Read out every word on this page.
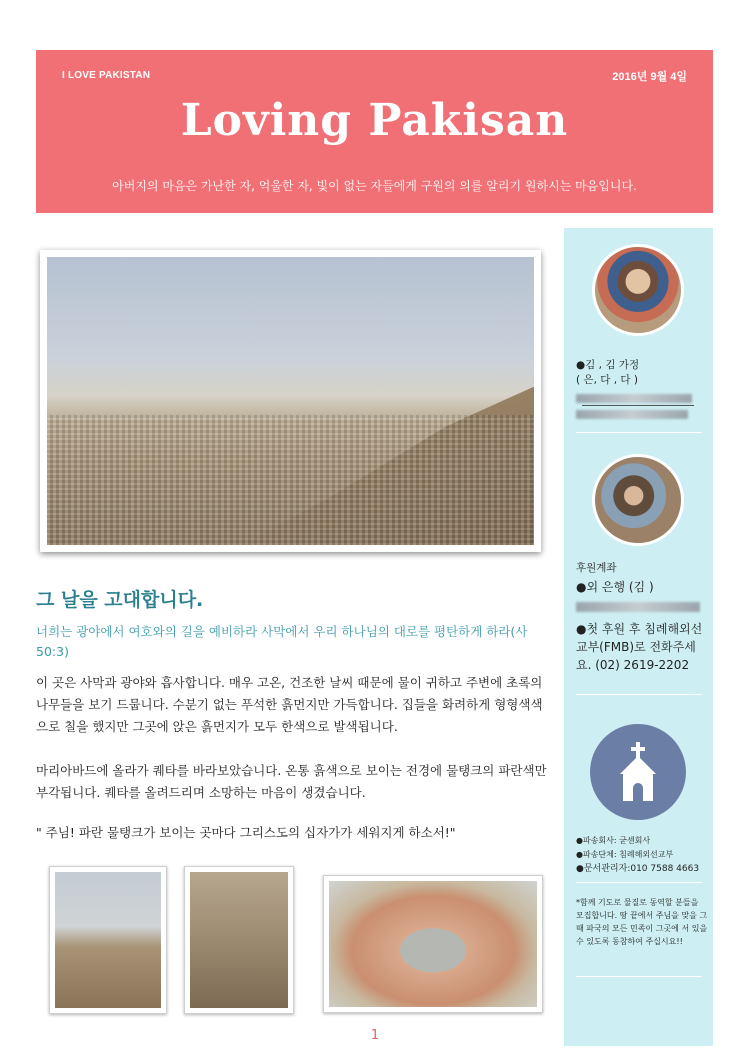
I LOVE PAKISTAN	2016년 9월 4일
Loving Pakisan
아버지의 마음은 가난한 자, 억울한 자, 빛이 없는 자들에게 구원의 의를 알리기 원하시는 마음입니다.
그 날을 고대합니다.
너희는 광야에서 여호와의 길을 예비하라 사막에서 우리 하나님의 대로를 평탄하게 하라(사50:3)
이 곳은 사막과 광야와 흡사합니다. 매우 고온, 건조한 날씨 때문에 물이 귀하고 주변에 초록의 나무들을 보기 드뭅니다. 수분기 없는 푸석한 흙먼지만 가득합니다. 집들을 화려하게 형형색색으로 칠을 했지만 그곳에 앉은 흙먼지가 모두 한색으로 발색됩니다.
마리아바드에 올라가 퀘타를 바라보았습니다. 온통 흙색으로 보이는 전경에 물탱크의 파란색만 부각됩니다. 퀘타를 올려드리며 소망하는 마음이 생겼습니다.
" 주님! 파란 물탱크가 보이는 곳마다 그리스도의 십자가가 세워지게 하소서!"
1
●김 , 김 가정
( 은, 다 , 다 )
후원계좌
●외 은행 (김 )
●첫 후원 후 침례해외선교부(FMB)로 전화주세요. (02) 2619-2202
●파송회사: 굳센회사
●파송단체: 침례해외선교부
●문서관리자:010 7588 4663
*함께 기도로 물질로 동역할 분들을 모집합니다. 땅 끝에서 주님을 맞을 그 때 파국의 모든 민족이 그곳에 서 있을 수 있도록 동참하여 주십시요!!
